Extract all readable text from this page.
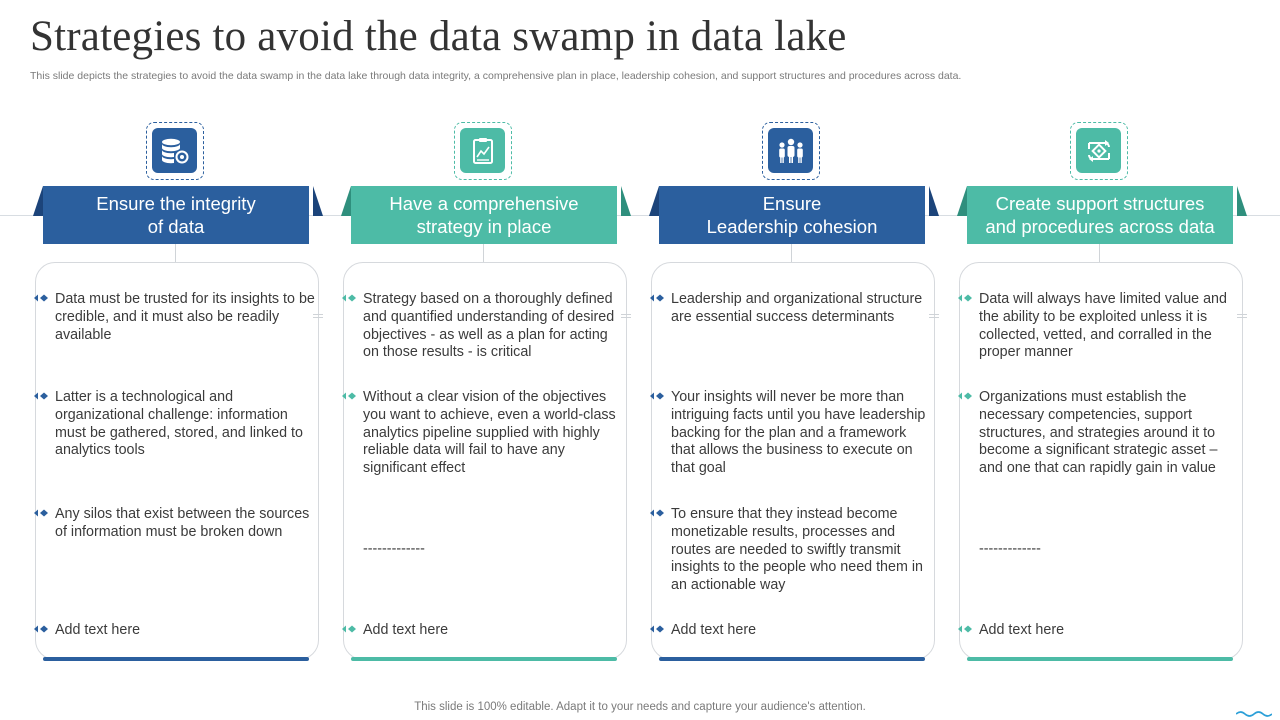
Strategies to avoid the data swamp in data lake
This slide depicts the strategies to avoid the data swamp in the data lake through data integrity, a comprehensive plan in place, leadership cohesion, and support structures and procedures across data.
Ensure the integrity
of data
Data must be trusted for its insights to be credible, and it must also be readily available
Latter is a technological and organizational challenge: information must be gathered, stored, and linked to analytics tools
Any silos that exist between the sources of information must be broken down
Add text here
Have a comprehensive
strategy in place
Strategy based on a thoroughly defined and quantified understanding of desired objectives - as well as a plan for acting on those results - is critical
Without a clear vision of the objectives you want to achieve, even a world-class analytics pipeline supplied with highly reliable data will fail to have any significant effect
-------------
Add text here
Ensure
Leadership cohesion
Leadership and organizational structure are essential success determinants
Your insights will never be more than intriguing facts until you have leadership backing for the plan and a framework that allows the business to execute on that goal
To ensure that they instead become monetizable results, processes and routes are needed to swiftly transmit insights to the people who need them in an actionable way
Add text here
Create support structures
and procedures across data
Data will always have limited value and the ability to be exploited unless it is collected, vetted, and corralled in the proper manner
Organizations must establish the necessary competencies, support structures, and strategies around it to become a significant strategic asset – and one that can rapidly gain in value
-------------
Add text here
This slide is 100% editable. Adapt it to your needs and capture your audience's attention.
